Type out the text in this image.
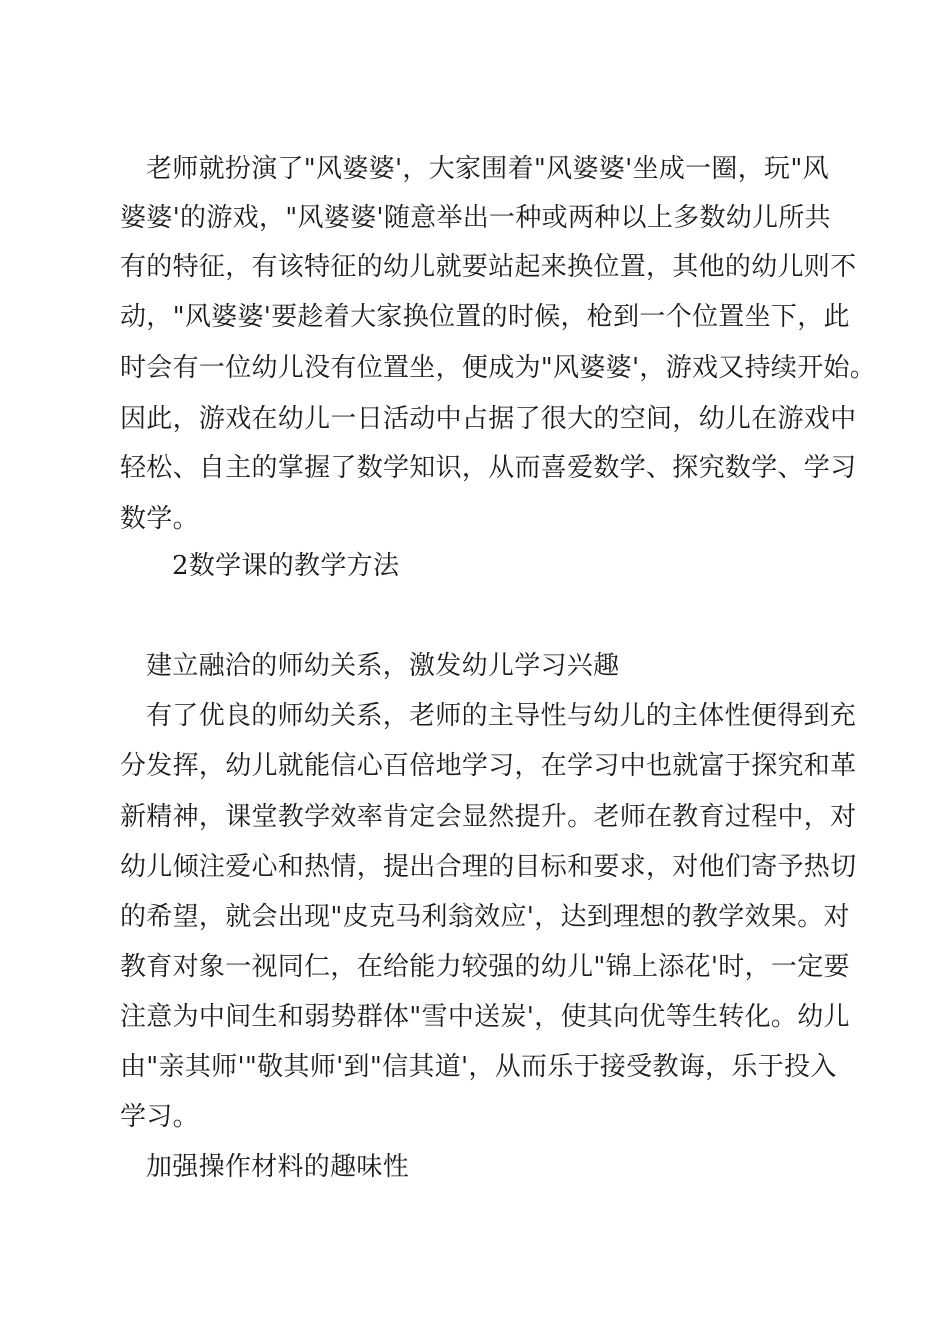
老师就扮演了"风婆婆'，大家围着"风婆婆'坐成一圈，玩"风
婆婆'的游戏，"风婆婆'随意举出一种或两种以上多数幼儿所共
有的特征，有该特征的幼儿就要站起来换位置，其他的幼儿则不
动，"风婆婆'要趁着大家换位置的时候，枪到一个位置坐下，此
时会有一位幼儿没有位置坐，便成为"风婆婆'，游戏又持续开始。
因此，游戏在幼儿一日活动中占据了很大的空间，幼儿在游戏中
轻松、自主的掌握了数学知识，从而喜爱数学、探究数学、学习
数学。
2数学课的教学方法
建立融洽的师幼关系，激发幼儿学习兴趣
有了优良的师幼关系，老师的主导性与幼儿的主体性便得到充
分发挥，幼儿就能信心百倍地学习，在学习中也就富于探究和革
新精神，课堂教学效率肯定会显然提升。老师在教育过程中，对
幼儿倾注爱心和热情，提出合理的目标和要求，对他们寄予热切
的希望，就会出现"皮克马利翁效应'，达到理想的教学效果。对
教育对象一视同仁，在给能力较强的幼儿"锦上添花'时，一定要
注意为中间生和弱势群体"雪中送炭'，使其向优等生转化。幼儿
由"亲其师'"敬其师'到"信其道'，从而乐于接受教诲，乐于投入
学习。
加强操作材料的趣味性
